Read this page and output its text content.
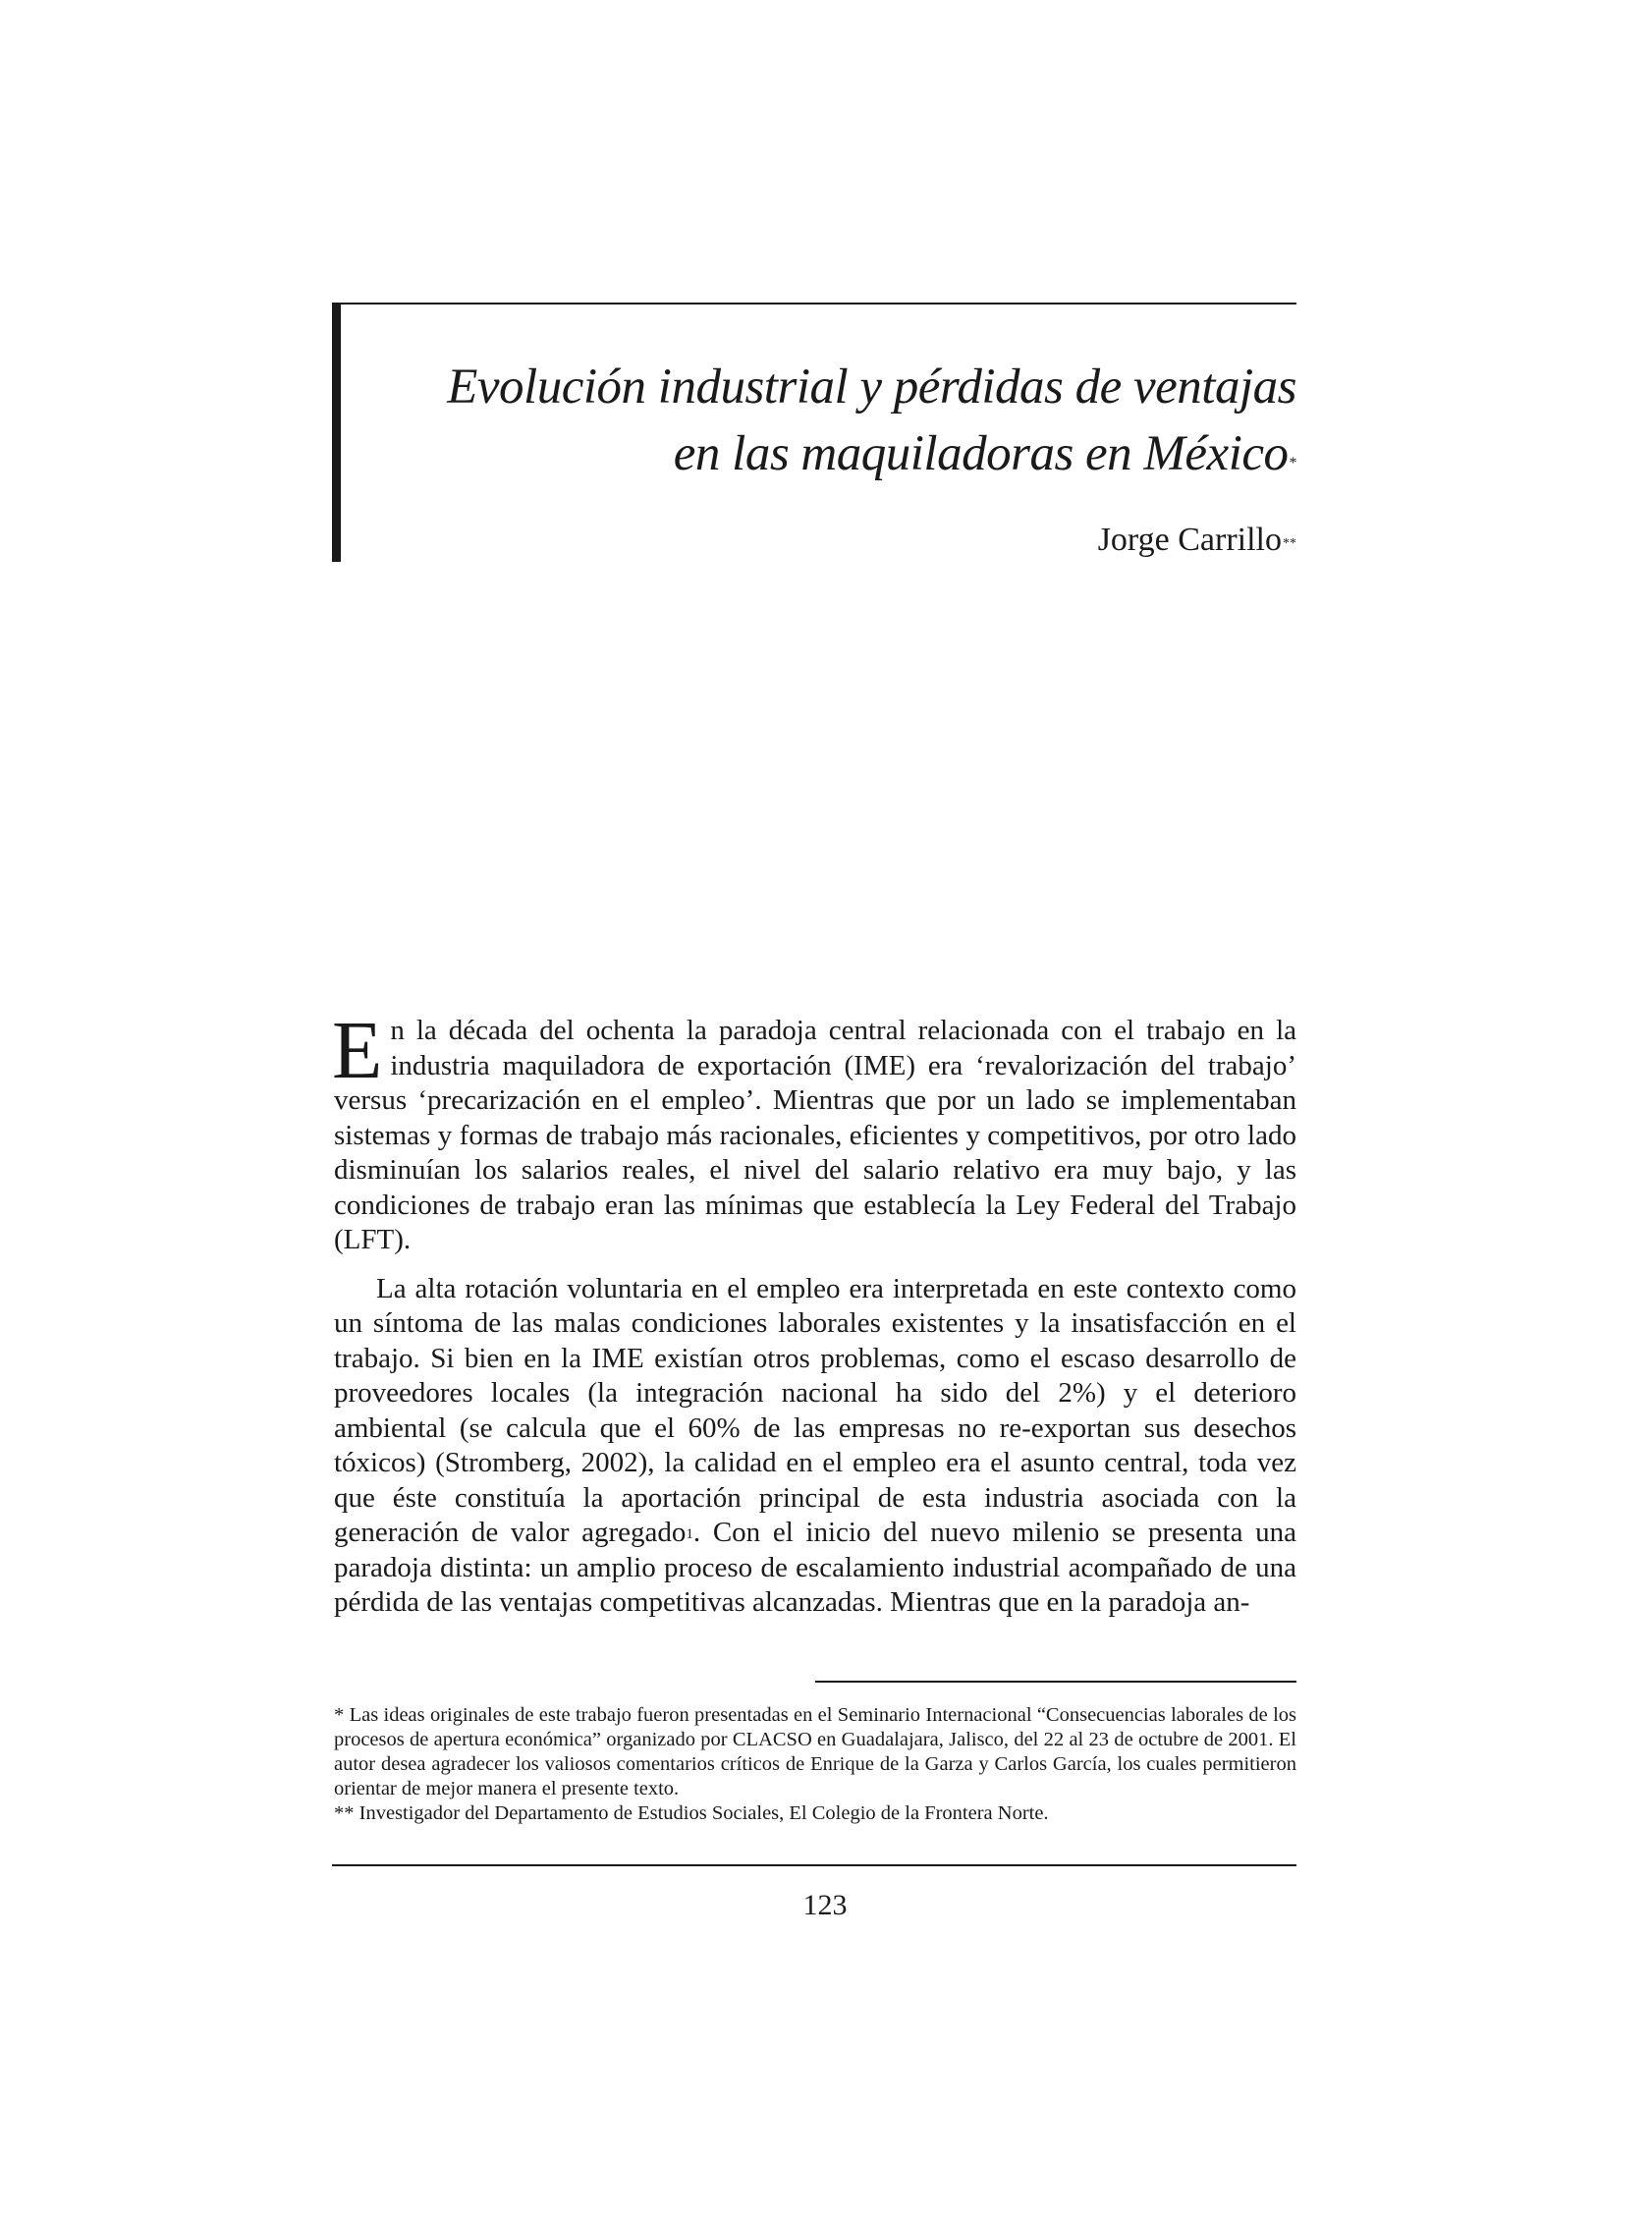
Evolución industrial y pérdidas de ventajas
en las maquiladoras en México*
Jorge Carrillo**

En la década del ochenta la paradoja central relacionada con el trabajo en la industria maquiladora de exportación (IME) era ‘revalorización del trabajo’ versus ‘precarización en el empleo’. Mientras que por un lado se implementaban sistemas y formas de trabajo más racionales, eficientes y competitivos, por otro lado disminuían los salarios reales, el nivel del salario relativo era muy bajo, y las condiciones de trabajo eran las mínimas que establecía la Ley Federal del Trabajo (LFT).

La alta rotación voluntaria en el empleo era interpretada en este contexto como un síntoma de las malas condiciones laborales existentes y la insatisfacción en el trabajo. Si bien en la IME existían otros problemas, como el escaso desarrollo de proveedores locales (la integración nacional ha sido del 2%) y el deterioro ambiental (se calcula que el 60% de las empresas no re-exportan sus desechos tóxicos) (Stromberg, 2002), la calidad en el empleo era el asunto central, toda vez que éste constituía la aportación principal de esta industria asociada con la generación de valor agregado$^1$. Con el inicio del nuevo milenio se presenta una paradoja distinta: un amplio proceso de escalamiento industrial acompañado de una pérdida de las ventajas competitivas alcanzadas. Mientras que en la paradoja an-

* Las ideas originales de este trabajo fueron presentadas en el Seminario Internacional “Consecuencias laborales de los procesos de apertura económica” organizado por CLACSO en Guadalajara, Jalisco, del 22 al 23 de octubre de 2001. El autor desea agradecer los valiosos comentarios críticos de Enrique de la Garza y Carlos García, los cuales permitieron orientar de mejor manera el presente texto.

** Investigador del Departamento de Estudios Sociales, El Colegio de la Frontera Norte.

123
